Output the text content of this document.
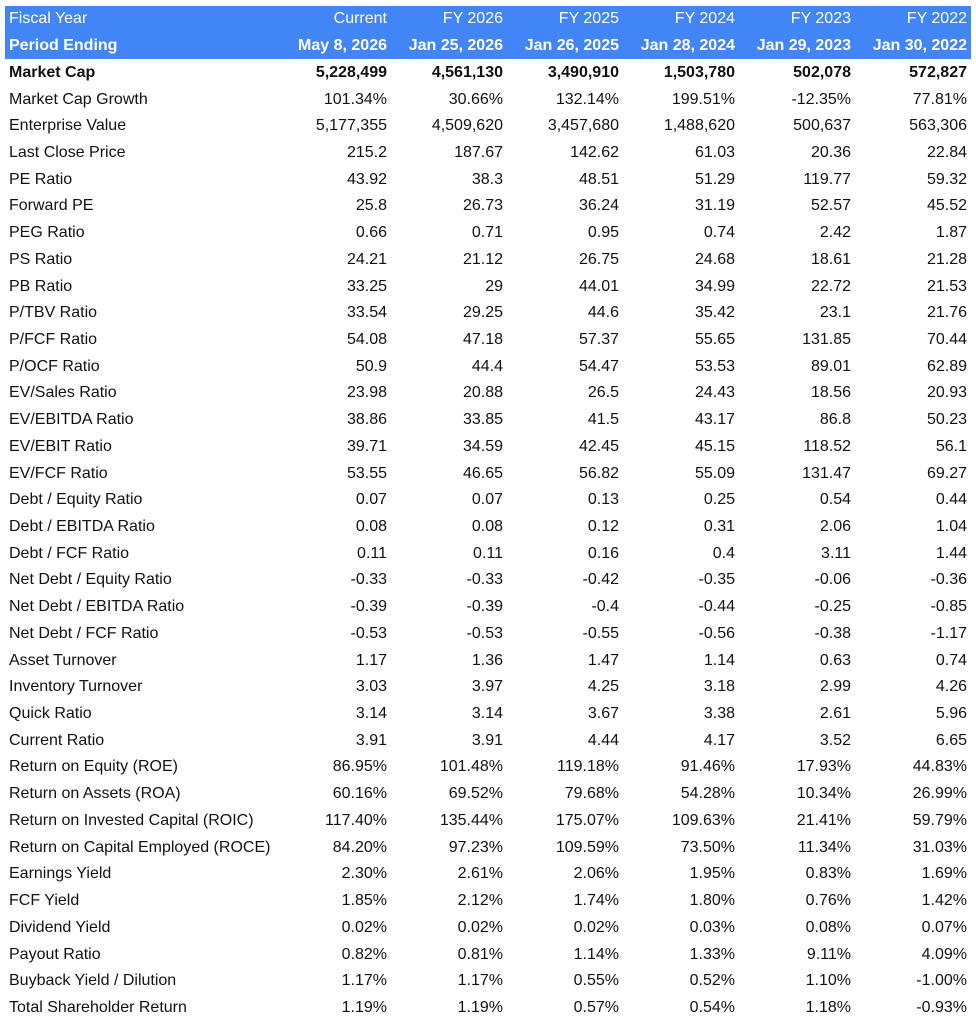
Fiscal Year	Current	FY 2026	FY 2025	FY 2024	FY 2023	FY 2022
Period Ending	May 8, 2026	Jan 25, 2026	Jan 26, 2025	Jan 28, 2024	Jan 29, 2023	Jan 30, 2022
Market Cap	5,228,499	4,561,130	3,490,910	1,503,780	502,078	572,827
Market Cap Growth	101.34%	30.66%	132.14%	199.51%	-12.35%	77.81%
Enterprise Value	5,177,355	4,509,620	3,457,680	1,488,620	500,637	563,306
Last Close Price	215.2	187.67	142.62	61.03	20.36	22.84
PE Ratio	43.92	38.3	48.51	51.29	119.77	59.32
Forward PE	25.8	26.73	36.24	31.19	52.57	45.52
PEG Ratio	0.66	0.71	0.95	0.74	2.42	1.87
PS Ratio	24.21	21.12	26.75	24.68	18.61	21.28
PB Ratio	33.25	29	44.01	34.99	22.72	21.53
P/TBV Ratio	33.54	29.25	44.6	35.42	23.1	21.76
P/FCF Ratio	54.08	47.18	57.37	55.65	131.85	70.44
P/OCF Ratio	50.9	44.4	54.47	53.53	89.01	62.89
EV/Sales Ratio	23.98	20.88	26.5	24.43	18.56	20.93
EV/EBITDA Ratio	38.86	33.85	41.5	43.17	86.8	50.23
EV/EBIT Ratio	39.71	34.59	42.45	45.15	118.52	56.1
EV/FCF Ratio	53.55	46.65	56.82	55.09	131.47	69.27
Debt / Equity Ratio	0.07	0.07	0.13	0.25	0.54	0.44
Debt / EBITDA Ratio	0.08	0.08	0.12	0.31	2.06	1.04
Debt / FCF Ratio	0.11	0.11	0.16	0.4	3.11	1.44
Net Debt / Equity Ratio	-0.33	-0.33	-0.42	-0.35	-0.06	-0.36
Net Debt / EBITDA Ratio	-0.39	-0.39	-0.4	-0.44	-0.25	-0.85
Net Debt / FCF Ratio	-0.53	-0.53	-0.55	-0.56	-0.38	-1.17
Asset Turnover	1.17	1.36	1.47	1.14	0.63	0.74
Inventory Turnover	3.03	3.97	4.25	3.18	2.99	4.26
Quick Ratio	3.14	3.14	3.67	3.38	2.61	5.96
Current Ratio	3.91	3.91	4.44	4.17	3.52	6.65
Return on Equity (ROE)	86.95%	101.48%	119.18%	91.46%	17.93%	44.83%
Return on Assets (ROA)	60.16%	69.52%	79.68%	54.28%	10.34%	26.99%
Return on Invested Capital (ROIC)	117.40%	135.44%	175.07%	109.63%	21.41%	59.79%
Return on Capital Employed (ROCE)	84.20%	97.23%	109.59%	73.50%	11.34%	31.03%
Earnings Yield	2.30%	2.61%	2.06%	1.95%	0.83%	1.69%
FCF Yield	1.85%	2.12%	1.74%	1.80%	0.76%	1.42%
Dividend Yield	0.02%	0.02%	0.02%	0.03%	0.08%	0.07%
Payout Ratio	0.82%	0.81%	1.14%	1.33%	9.11%	4.09%
Buyback Yield / Dilution	1.17%	1.17%	0.55%	0.52%	1.10%	-1.00%
Total Shareholder Return	1.19%	1.19%	0.57%	0.54%	1.18%	-0.93%
